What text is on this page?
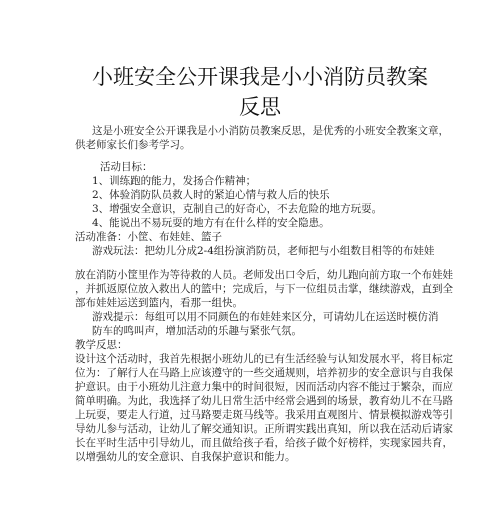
小班安全公开课我是小小消防员教案
反思
这是小班安全公开课我是小小消防员教案反思，是优秀的小班安全教案文章，
供老师家长们参考学习。
活动目标：
1、训练跑的能力，发扬合作精神；
2、体验消防队员救人时的紧迫心情与救人后的快乐
3、增强安全意识，克制自己的好奇心，不去危险的地方玩耍。
4、能说出不易玩耍的地方有在什么样的安全隐患。
活动准备：小筐、布娃娃、篮子
游戏玩法：把幼儿分成2-4组扮演消防员，老师把与小组数目相等的布娃娃
放在消防小筐里作为等待救的人员。老师发出口令后，幼儿跑向前方取一个布娃娃
，并抓返原位放入救出人的篮中；完成后，与下一位组员击掌，继续游戏，直到全
部布娃娃运送到篮内，看那一组快。
游戏提示：每组可以用不同颜色的布娃娃来区分，可请幼儿在运送时模仿消
防车的鸣叫声，增加活动的乐趣与紧张气氛。
教学反思：
设计这个活动时，我首先根据小班幼儿的已有生活经验与认知发展水平，将目标定
位为：了解行人在马路上应该遵守的一些交通规则，培养初步的安全意识与自我保
护意识。由于小班幼儿注意力集中的时间很短，因而活动内容不能过于繁杂，而应
简单明确。为此，我选择了幼儿日常生活中经常会遇到的场景，教育幼儿不在马路
上玩耍，要走人行道，过马路要走斑马线等。我采用直观图片、情景模拟游戏等引
导幼儿参与活动，让幼儿了解交通知识。正所谓实践出真知，所以我在活动后请家
长在平时生活中引导幼儿，而且做给孩子看，给孩子做个好榜样，实现家园共育，
以增强幼儿的安全意识、自我保护意识和能力。
